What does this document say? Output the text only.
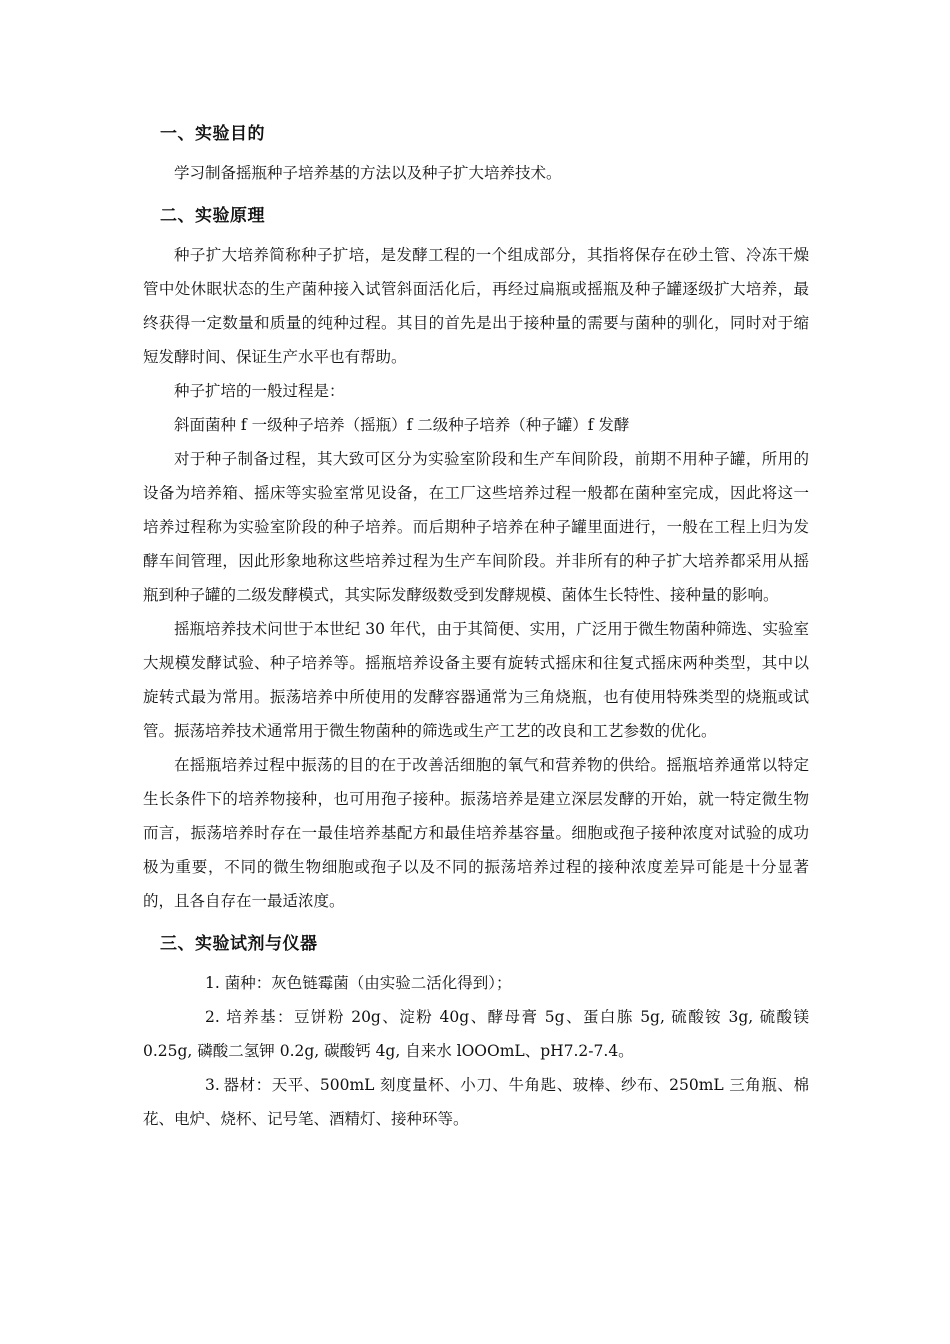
一、实验目的

学习制备摇瓶种子培养基的方法以及种子扩大培养技术。

二、实验原理

种子扩大培养简称种子扩培，是发酵工程的一个组成部分，其指将保存在砂土管、冷冻干燥管中处休眠状态的生产菌种接入试管斜面活化后，再经过扁瓶或摇瓶及种子罐逐级扩大培养，最终获得一定数量和质量的纯种过程。其目的首先是出于接种量的需要与菌种的驯化，同时对于缩短发酵时间、保证生产水平也有帮助。

种子扩培的一般过程是：

斜面菌种 f 一级种子培养（摇瓶）f 二级种子培养（种子罐）f 发酵

对于种子制备过程，其大致可区分为实验室阶段和生产车间阶段，前期不用种子罐，所用的设备为培养箱、摇床等实验室常见设备，在工厂这些培养过程一般都在菌种室完成，因此将这一培养过程称为实验室阶段的种子培养。而后期种子培养在种子罐里面进行，一般在工程上归为发酵车间管理，因此形象地称这些培养过程为生产车间阶段。并非所有的种子扩大培养都采用从摇瓶到种子罐的二级发酵模式，其实际发酵级数受到发酵规模、菌体生长特性、接种量的影响。

摇瓶培养技术问世于本世纪 30 年代，由于其简便、实用，广泛用于微生物菌种筛选、实验室大规模发酵试验、种子培养等。摇瓶培养设备主要有旋转式摇床和往复式摇床两种类型，其中以旋转式最为常用。振荡培养中所使用的发酵容器通常为三角烧瓶，也有使用特殊类型的烧瓶或试管。振荡培养技术通常用于微生物菌种的筛选或生产工艺的改良和工艺参数的优化。

在摇瓶培养过程中振荡的目的在于改善活细胞的氧气和营养物的供给。摇瓶培养通常以特定生长条件下的培养物接种，也可用孢子接种。振荡培养是建立深层发酵的开始，就一特定微生物而言，振荡培养时存在一最佳培养基配方和最佳培养基容量。细胞或孢子接种浓度对试验的成功极为重要，不同的微生物细胞或孢子以及不同的振荡培养过程的接种浓度差异可能是十分显著的，且各自存在一最适浓度。

三、实验试剂与仪器

1. 菌种：灰色链霉菌（由实验二活化得到）；

2. 培养基：豆饼粉 20g、淀粉 40g、酵母膏 5g、蛋白胨 5g, 硫酸铵 3g, 硫酸镁 0.25g, 磷酸二氢钾 0.2g, 碳酸钙 4g, 自来水 lOOOmL、pH7.2-7.4。

3. 器材：天平、500mL 刻度量杯、小刀、牛角匙、玻棒、纱布、250mL 三角瓶、棉花、电炉、烧杯、记号笔、酒精灯、接种环等。
